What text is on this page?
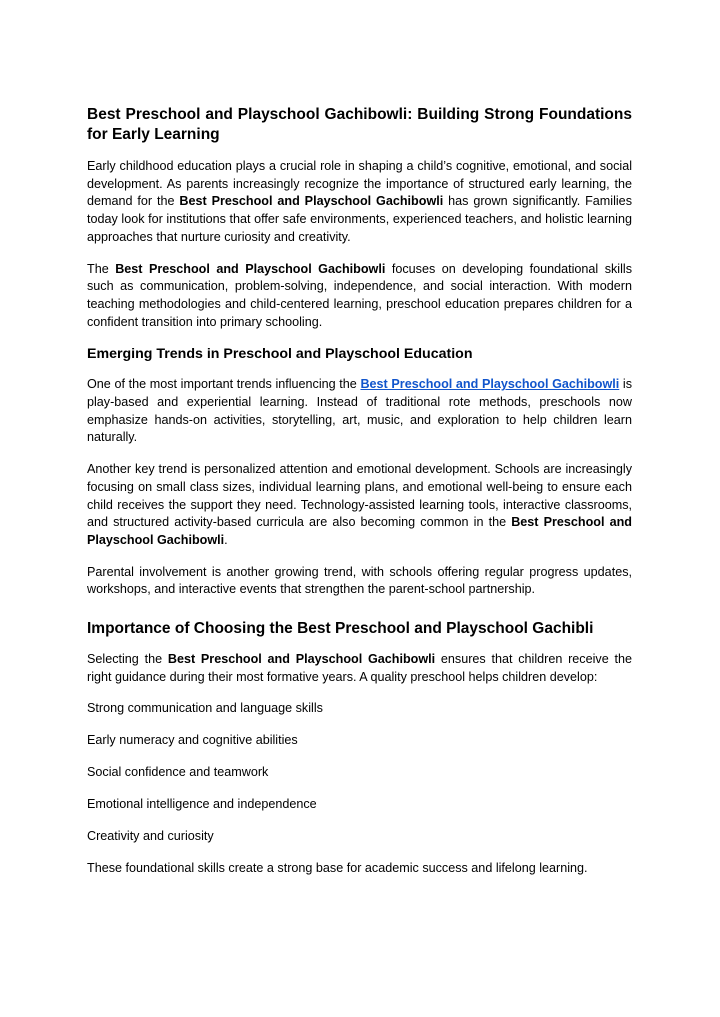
Best Preschool and Playschool Gachibowli: Building Strong Foundations for Early Learning

Early childhood education plays a crucial role in shaping a child’s cognitive, emotional, and social development. As parents increasingly recognize the importance of structured early learning, the demand for the Best Preschool and Playschool Gachibowli has grown significantly. Families today look for institutions that offer safe environments, experienced teachers, and holistic learning approaches that nurture curiosity and creativity.

The Best Preschool and Playschool Gachibowli focuses on developing foundational skills such as communication, problem-solving, independence, and social interaction. With modern teaching methodologies and child-centered learning, preschool education prepares children for a confident transition into primary schooling.

Emerging Trends in Preschool and Playschool Education

One of the most important trends influencing the Best Preschool and Playschool Gachibowli is play-based and experiential learning. Instead of traditional rote methods, preschools now emphasize hands-on activities, storytelling, art, music, and exploration to help children learn naturally.

Another key trend is personalized attention and emotional development. Schools are increasingly focusing on small class sizes, individual learning plans, and emotional well-being to ensure each child receives the support they need. Technology-assisted learning tools, interactive classrooms, and structured activity-based curricula are also becoming common in the Best Preschool and Playschool Gachibowli.

Parental involvement is another growing trend, with schools offering regular progress updates, workshops, and interactive events that strengthen the parent-school partnership.

Importance of Choosing the Best Preschool and Playschool Gachibli

Selecting the Best Preschool and Playschool Gachibowli ensures that children receive the right guidance during their most formative years. A quality preschool helps children develop:

Strong communication and language skills
Early numeracy and cognitive abilities
Social confidence and teamwork
Emotional intelligence and independence
Creativity and curiosity

These foundational skills create a strong base for academic success and lifelong learning.
